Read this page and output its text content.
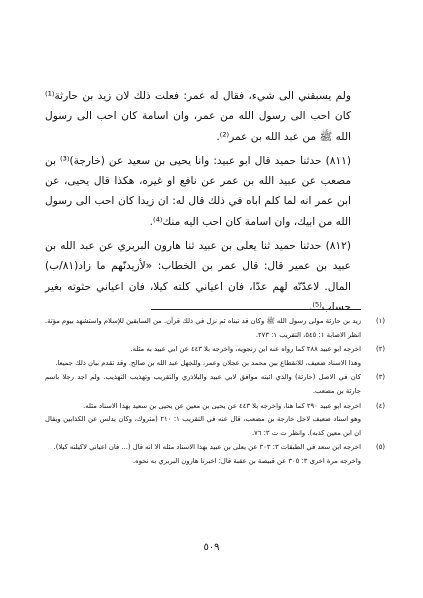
ولم يسبقني الى شيء، فقال له عمر: فعلت ذلك لان زيد بن حارثة⁽¹⁾ كان احب الى رسول الله من عمر، وان اسامة كان احب الى رسول الله ﷺ من عبد الله بن عمر⁽²⁾.

(٨١١) حدثنا حميد قال ابو عبيد: وانا يحيى بن سعيد عن (خارجة)⁽³⁾ بن مصعب عن عبيد الله بن عمر عن نافع او غيره، هكذا قال يحيى، عن ابن عمر انه لما كلم اباه في ذلك قال له: ان زيدا كان احب الى رسول الله من ابيك، وان اسامة كان احب اليه منك⁽⁴⁾.

(٨١٢) حدثنا حميد ثنا يعلى بن عبيد ثنا هارون البربري عن عبد الله بن عبيد بن عمير قال: قال عمر بن الخطاب: «لأزيدنّهم ما زاد(٨١/ب) المال. لاعدّنّه لهم عدّا، فان اعياني كلته كيلا، فان اعياني حثوته بغير حساب⁽⁵⁾.

(١)
زيد بن حارثة مولى رسول الله ﷺ وكان قد تبناه ثم نزل في ذلك قرآن. من السابقين للإسلام واستشهد بيوم مؤتة. انظر الاصابة ١: ٥٤٥، التقريب ١: ٢٧٣.
(٢)
اخرجه ابو عبيد ٢٨٨ كما رواه عنه ابن زنجويه، واخرجه بلا ٤٤٣ عن ابي عبيد به مثله.
وهذا الاسناد ضعيف، للانقطاع بين محمد بن عجلان وعمر، وللجهل عبد الله بن صالح. وقد تقدم بيان ذلك جميعا.
(٣)
كان في الاصل (حارثة) والذي اثبته موافق لابي عبيد والبلاذري والتقريب وتهذيب التهذيب. ولم اجد رجلا باسم حارثة بن مصعب.
(٤)
اخرجه ابو عبيد ٢٩٠ كما هنا، واخرجه بلا ٤٤٣ عن يحيى بن معين عن يحيى بن سعيد بهذا الاسناد مثله.
وهو اسناد ضعيف لاجل خارجة بن مصعب، قال عنه في التقريب ١: ٢١٠ (متروك، وكان يدلس عن الكذابين ويقال ان ابن معين كذبه). وانظر ت ت ٣: ٧٦.
(٥)
اخرجه ابن سعد في الطبقات ٣: ٣٠٣ عن يعلى بن عبيد بهذا الاسناد مثله الا انه قال (... فان اعياني لاكيلنه كيلا).
واخرجه مرة اخرى ٣: ٣٠٥ عن قبيصة بن عقبة قال: اخبرنا هارون البربري به نحوه.
٥٠٩
